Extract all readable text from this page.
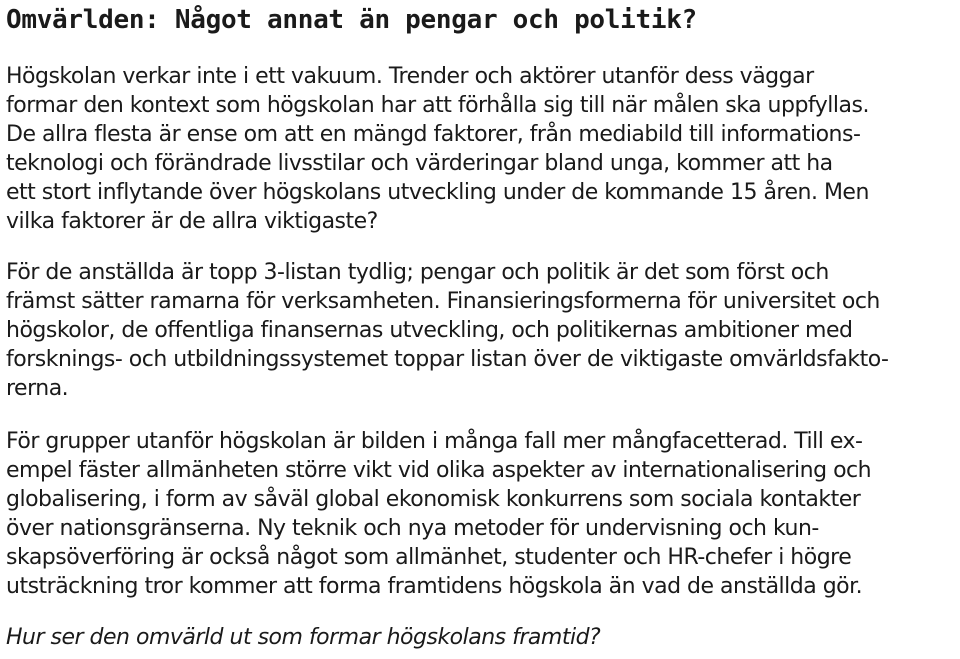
Omvärlden: Något annat än pengar och politik?
Högskolan verkar inte i ett vakuum. Trender och aktörer utanför dess väggar
formar den kontext som högskolan har att förhålla sig till när målen ska uppfyllas.
De allra flesta är ense om att en mängd faktorer, från mediabild till informations-
teknologi och förändrade livsstilar och värderingar bland unga, kommer att ha
ett stort inflytande över högskolans utveckling under de kommande 15 åren. Men
vilka faktorer är de allra viktigaste?
För de anställda är topp 3-listan tydlig; pengar och politik är det som först och
främst sätter ramarna för verksamheten. Finansieringsformerna för universitet och
högskolor, de offentliga finansernas utveckling, och politikernas ambitioner med
forsknings- och utbildningssystemet toppar listan över de viktigaste omvärldsfakto-
rerna.
För grupper utanför högskolan är bilden i många fall mer mångfacetterad. Till ex-
empel fäster allmänheten större vikt vid olika aspekter av internationalisering och
globalisering, i form av såväl global ekonomisk konkurrens som sociala kontakter
över nationsgränserna. Ny teknik och nya metoder för undervisning och kun-
skapsöverföring är också något som allmänhet, studenter och HR-chefer i högre
utsträckning tror kommer att forma framtidens högskola än vad de anställda gör.
Hur ser den omvärld ut som formar högskolans framtid?
